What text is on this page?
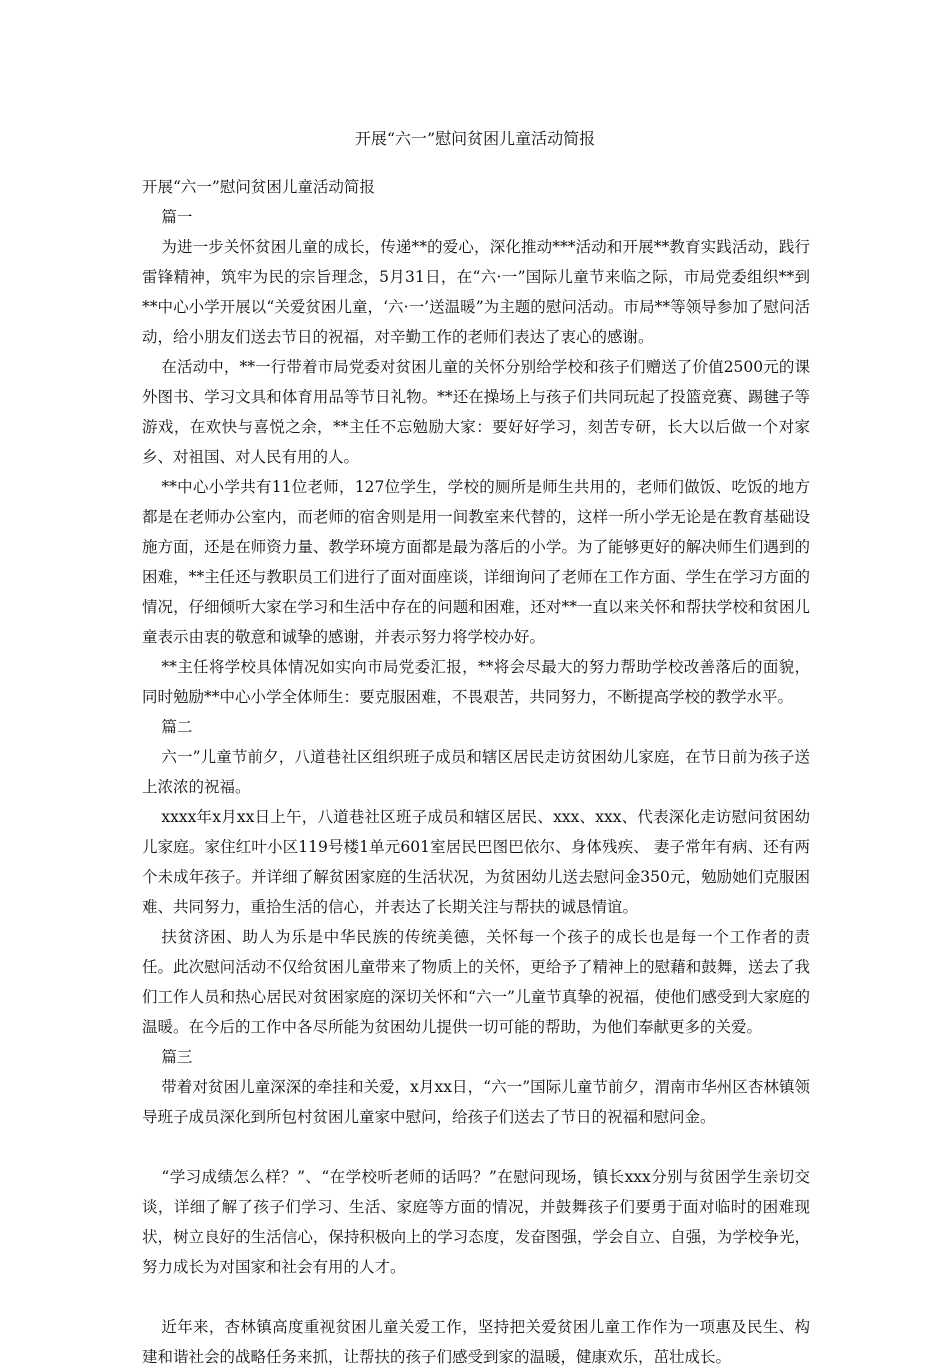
开展“六一”慰问贫困儿童活动简报

开展“六一”慰问贫困儿童活动简报

篇一

为进一步关怀贫困儿童的成长，传递**的爱心，深化推动***活动和开展**教育实践活动，践行雷锋精神，筑牢为民的宗旨理念，5月31日，在“六·一”国际儿童节来临之际，市局党委组织**到**中心小学开展以“关爱贫困儿童，‘六·一’送温暖”为主题的慰问活动。市局**等领导参加了慰问活动，给小朋友们送去节日的祝福，对辛勤工作的老师们表达了衷心的感谢。

在活动中，**一行带着市局党委对贫困儿童的关怀分别给学校和孩子们赠送了价值2500元的课外图书、学习文具和体育用品等节日礼物。**还在操场上与孩子们共同玩起了投篮竞赛、踢毽子等游戏，在欢快与喜悦之余，**主任不忘勉励大家：要好好学习，刻苦专研，长大以后做一个对家乡、对祖国、对人民有用的人。

**中心小学共有11位老师，127位学生，学校的厕所是师生共用的，老师们做饭、吃饭的地方都是在老师办公室内，而老师的宿舍则是用一间教室来代替的，这样一所小学无论是在教育基础设施方面，还是在师资力量、教学环境方面都是最为落后的小学。为了能够更好的解决师生们遇到的困难，**主任还与教职员工们进行了面对面座谈，详细询问了老师在工作方面、学生在学习方面的情况，仔细倾听大家在学习和生活中存在的问题和困难，还对**一直以来关怀和帮扶学校和贫困儿童表示由衷的敬意和诚挚的感谢，并表示努力将学校办好。

**主任将学校具体情况如实向市局党委汇报，**将会尽最大的努力帮助学校改善落后的面貌，同时勉励**中心小学全体师生：要克服困难，不畏艰苦，共同努力，不断提高学校的教学水平。

篇二

六一”儿童节前夕，八道巷社区组织班子成员和辖区居民走访贫困幼儿家庭，在节日前为孩子送上浓浓的祝福。

xxxx年x月xx日上午，八道巷社区班子成员和辖区居民、xxx、xxx、代表深化走访慰问贫困幼儿家庭。家住红叶小区119号楼1单元601室居民巴图巴依尔、身体残疾、 妻子常年有病、还有两个未成年孩子。并详细了解贫困家庭的生活状况，为贫困幼儿送去慰问金350元，勉励她们克服困难、共同努力，重拾生活的信心，并表达了长期关注与帮扶的诚恳情谊。

扶贫济困、助人为乐是中华民族的传统美德，关怀每一个孩子的成长也是每一个工作者的责任。此次慰问活动不仅给贫困儿童带来了物质上的关怀，更给予了精神上的慰藉和鼓舞，送去了我们工作人员和热心居民对贫困家庭的深切关怀和“六一”儿童节真挚的祝福，使他们感受到大家庭的温暖。在今后的工作中各尽所能为贫困幼儿提供一切可能的帮助，为他们奉献更多的关爱。

篇三

带着对贫困儿童深深的牵挂和关爱，x月xx日，“六一”国际儿童节前夕，渭南市华州区杏林镇领导班子成员深化到所包村贫困儿童家中慰问，给孩子们送去了节日的祝福和慰问金。

“学习成绩怎么样？”、“在学校听老师的话吗？”在慰问现场，镇长xxx分别与贫困学生亲切交谈，详细了解了孩子们学习、生活、家庭等方面的情况，并鼓舞孩子们要勇于面对临时的困难现状，树立良好的生活信心，保持积极向上的学习态度，发奋图强，学会自立、自强，为学校争光，努力成长为对国家和社会有用的人才。

近年来，杏林镇高度重视贫困儿童关爱工作，坚持把关爱贫困儿童工作作为一项惠及民生、构建和谐社会的战略任务来抓，让帮扶的孩子们感受到家的温暖，健康欢乐，茁壮成长。
